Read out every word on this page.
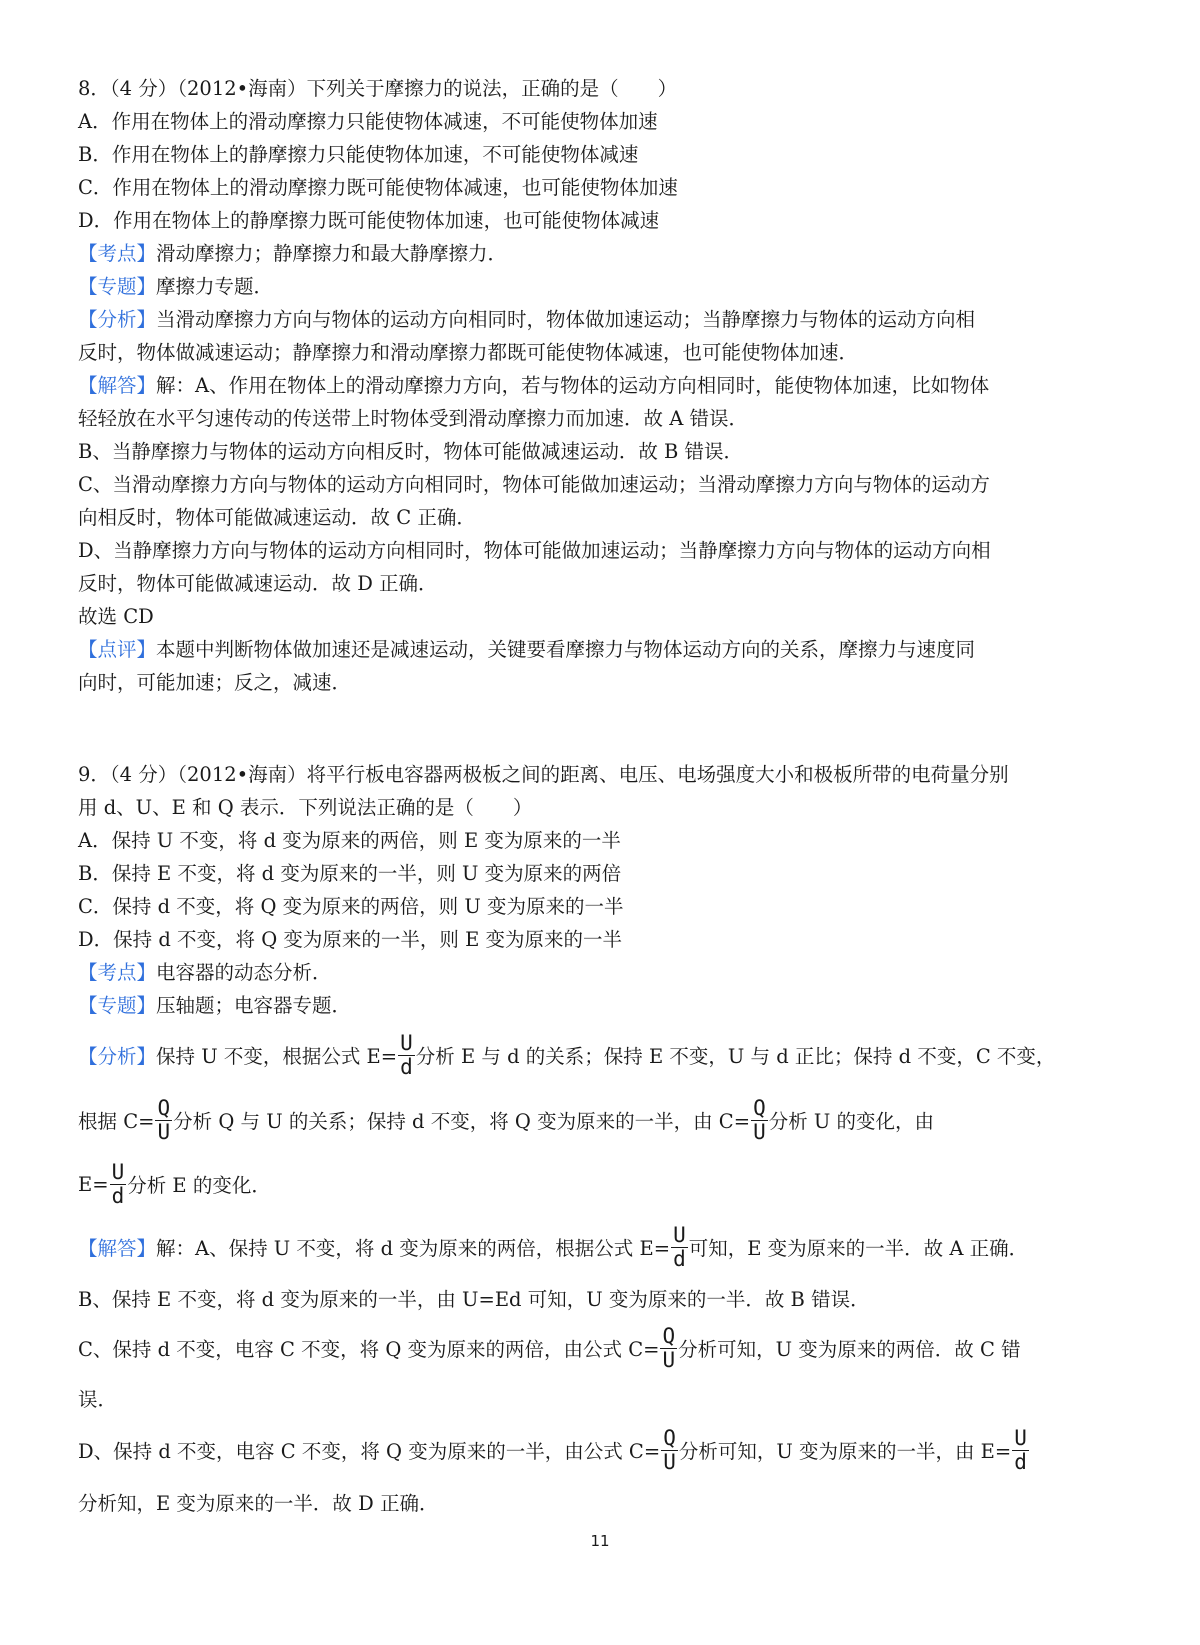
8．（4 分）（2012•海南）下列关于摩擦力的说法，正确的是（　　）
A．作用在物体上的滑动摩擦力只能使物体减速，不可能使物体加速
B．作用在物体上的静摩擦力只能使物体加速，不可能使物体减速
C．作用在物体上的滑动摩擦力既可能使物体减速，也可能使物体加速
D．作用在物体上的静摩擦力既可能使物体加速，也可能使物体减速
【考点】滑动摩擦力；静摩擦力和最大静摩擦力．
【专题】摩擦力专题．
【分析】当滑动摩擦力方向与物体的运动方向相同时，物体做加速运动；当静摩擦力与物体的运动方向相
反时，物体做减速运动；静摩擦力和滑动摩擦力都既可能使物体减速，也可能使物体加速．
【解答】解：A、作用在物体上的滑动摩擦力方向，若与物体的运动方向相同时，能使物体加速，比如物体
轻轻放在水平匀速传动的传送带上时物体受到滑动摩擦力而加速．故 A 错误．
B、当静摩擦力与物体的运动方向相反时，物体可能做减速运动．故 B 错误．
C、当滑动摩擦力方向与物体的运动方向相同时，物体可能做加速运动；当滑动摩擦力方向与物体的运动方
向相反时，物体可能做减速运动．故 C 正确．
D、当静摩擦力方向与物体的运动方向相同时，物体可能做加速运动；当静摩擦力方向与物体的运动方向相
反时，物体可能做减速运动．故 D 正确．
故选 CD
【点评】本题中判断物体做加速还是减速运动，关键要看摩擦力与物体运动方向的关系，摩擦力与速度同
向时，可能加速；反之，减速．
9．（4 分）（2012•海南）将平行板电容器两极板之间的距离、电压、电场强度大小和极板所带的电荷量分别
用 d、U、E 和 Q 表示．下列说法正确的是（　　）
A．保持 U 不变，将 d 变为原来的两倍，则 E 变为原来的一半
B．保持 E 不变，将 d 变为原来的一半，则 U 变为原来的两倍
C．保持 d 不变，将 Q 变为原来的两倍，则 U 变为原来的一半
D．保持 d 不变，将 Q 变为原来的一半，则 E 变为原来的一半
【考点】电容器的动态分析．
【专题】压轴题；电容器专题．
【分析】 保持 U 不变，根据公式 $E= \frac{U}{d}$ 分析 E 与 d 的关系；保持 E 不变，U 与 d 正比；保持 d 不变，C 不变，
根据 $C= \frac{Q}{U}$ 分析 Q 与 U 的关系；保持 d 不变，将 Q 变为原来的一半，由 $C= \frac{Q}{U}$ 分析 U 的变化，由
$E= \frac{U}{d}$ 分析 E 的变化．
【解答】 解：A、保持 U 不变，将 d 变为原来的两倍，根据公式 $E= \frac{U}{d}$ 可知，E 变为原来的一半．故 A 正确．
B、保持 E 不变，将 d 变为原来的一半，由 U=Ed 可知，U 变为原来的一半．故 B 错误．
C、保持 d 不变，电容 C 不变，将 Q 变为原来的两倍，由公式 $C= \frac{Q}{U}$ 分析可知，U 变为原来的两倍．故 C 错
误．
D、保持 d 不变，电容 C 不变，将 Q 变为原来的一半，由公式 $C= \frac{Q}{U}$ 分析可知，U 变为原来的一半，由 $E= \frac{U}{d}$
分析知，E 变为原来的一半．故 D 正确．
11
